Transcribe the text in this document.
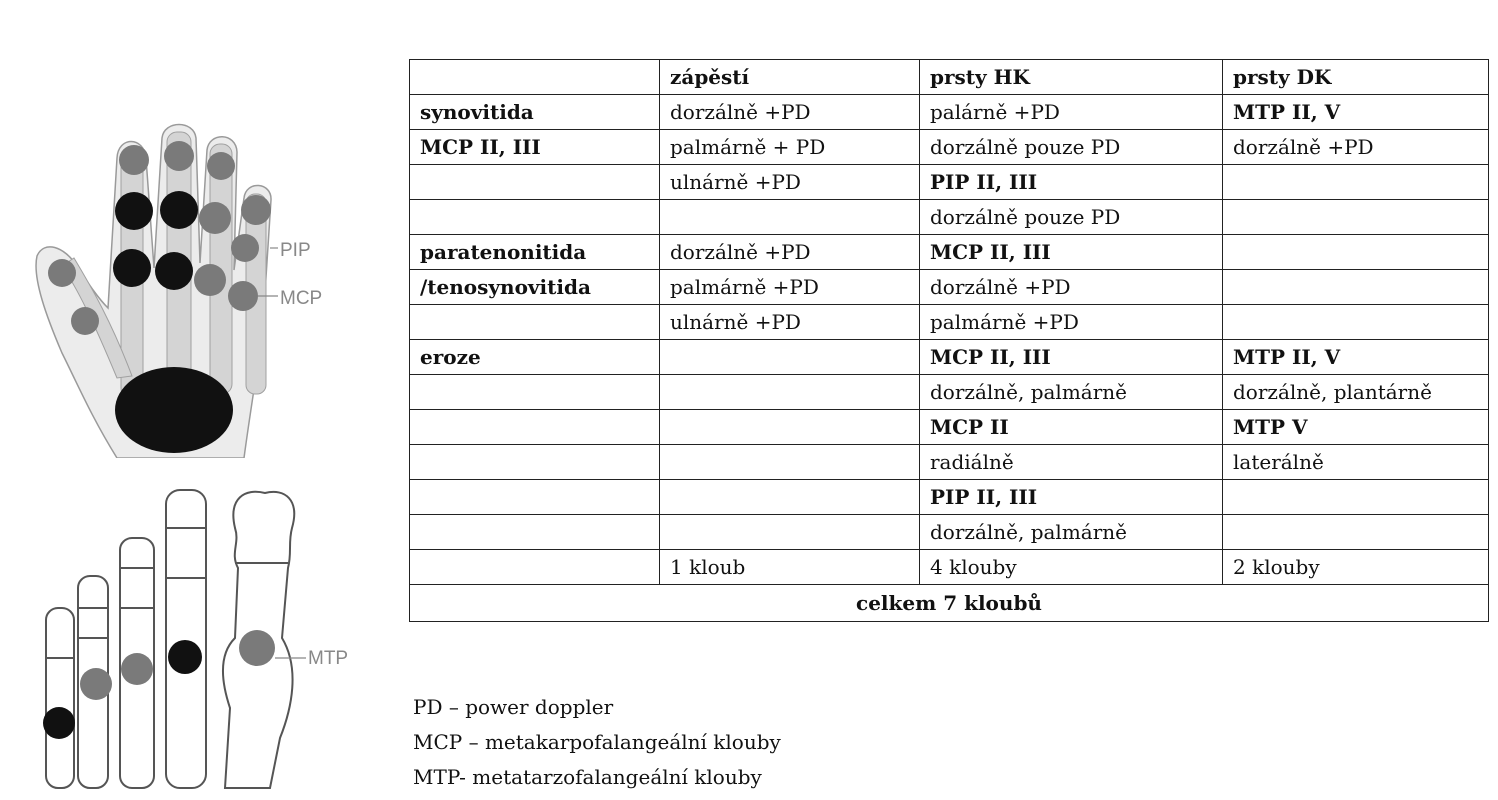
PIP
MCP
MTP
	zápěstí	prsty HK	prsty DK
synovitida	dorzálně +PD	palárně +PD	MTP II, V
MCP II, III	palmárně + PD	dorzálně pouze PD	dorzálně +PD
	ulnárně +PD	PIP II, III	
		dorzálně pouze PD	
paratenonitida	dorzálně +PD	MCP II, III	
/tenosynovitida	palmárně +PD	dorzálně +PD	
	ulnárně +PD	palmárně +PD	
eroze		MCP II, III	MTP II, V
		dorzálně, palmárně	dorzálně, plantárně
		MCP II	MTP V
		radiálně	laterálně
		PIP II, III	
		dorzálně, palmárně	
	1 kloub	4 klouby	2 klouby
celkem 7 kloubů			
PD – power doppler
MCP – metakarpofalangeální klouby
MTP- metatarzofalangeální klouby
